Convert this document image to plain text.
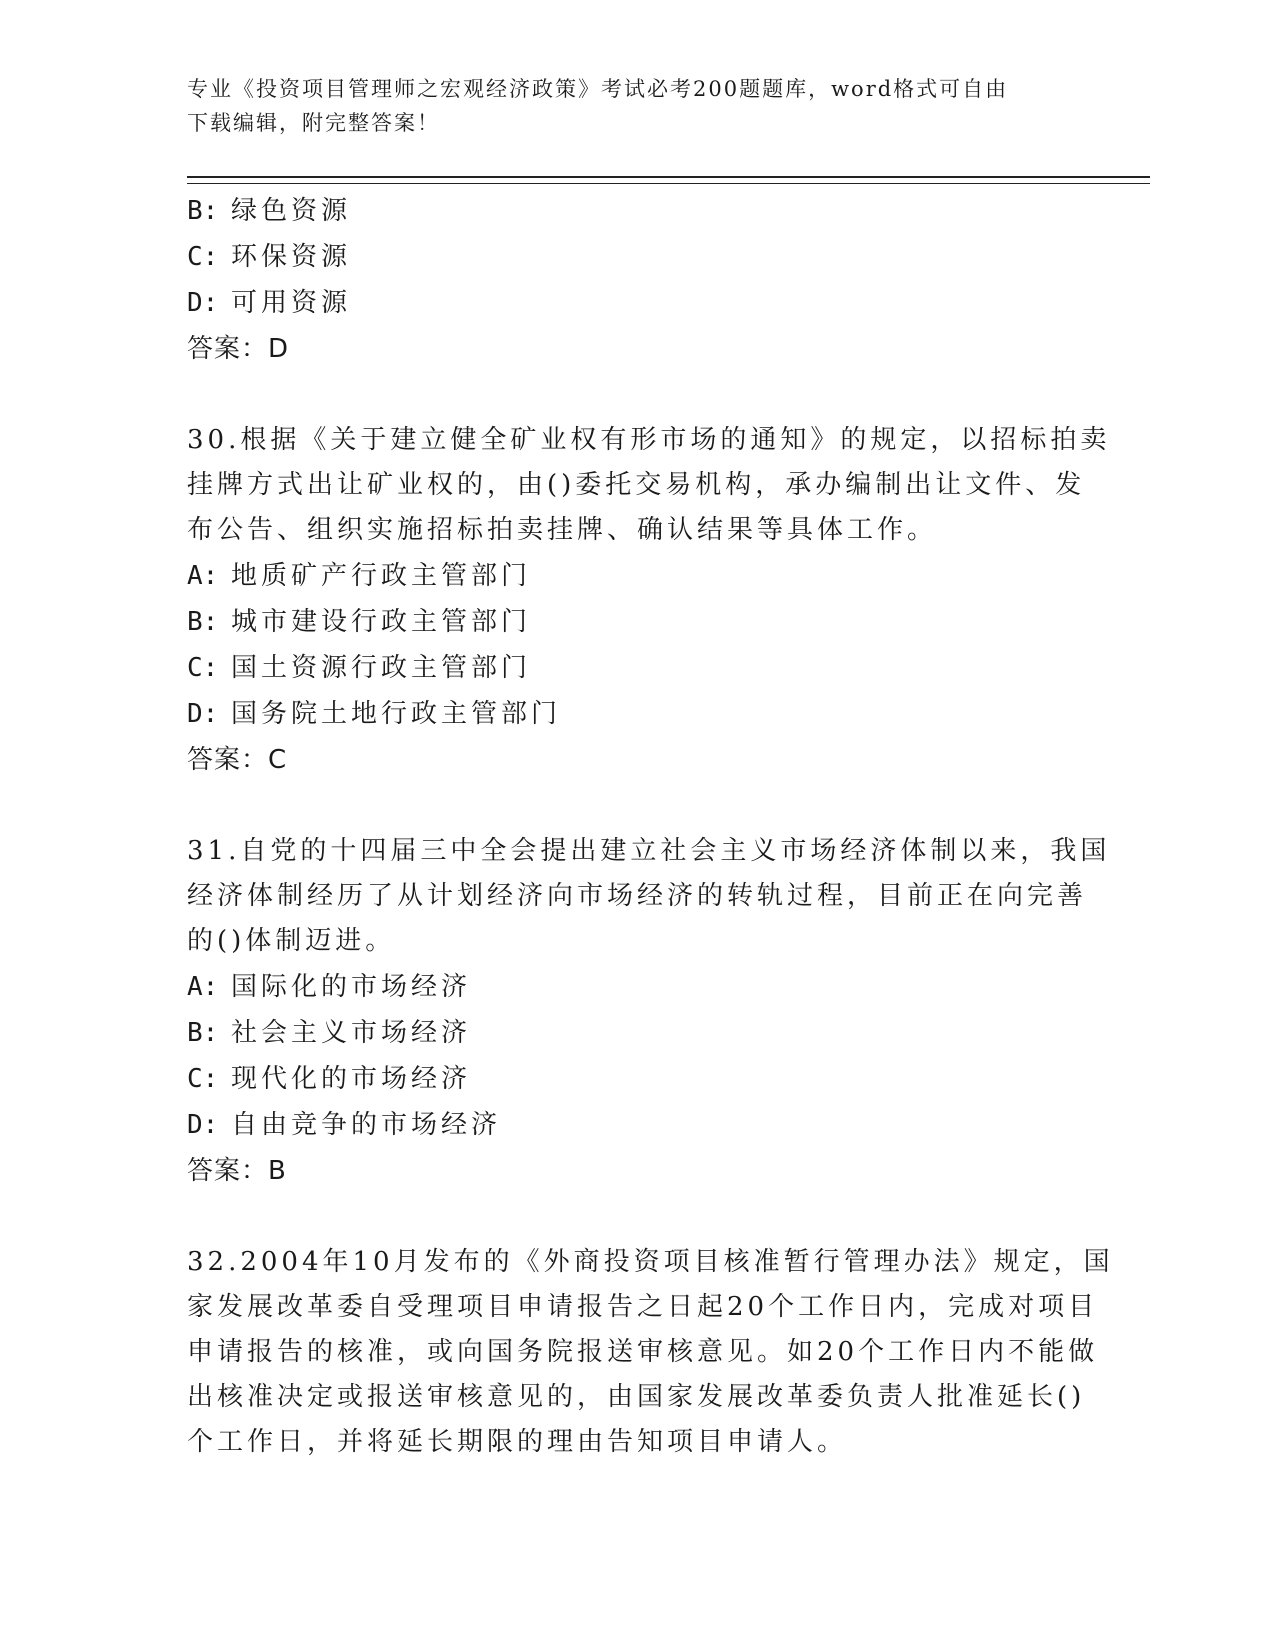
专业《投资项目管理师之宏观经济政策》考试必考200题题库，word格式可自由
下载编辑，附完整答案！
B: 绿色资源
C: 环保资源
D: 可用资源
答案：D
30.根据《关于建立健全矿业权有形市场的通知》的规定，以招标拍卖
挂牌方式出让矿业权的，由()委托交易机构，承办编制出让文件、发
布公告、组织实施招标拍卖挂牌、确认结果等具体工作。
A: 地质矿产行政主管部门
B: 城市建设行政主管部门
C: 国土资源行政主管部门
D: 国务院土地行政主管部门
答案：C
31.自党的十四届三中全会提出建立社会主义市场经济体制以来，我国
经济体制经历了从计划经济向市场经济的转轨过程，目前正在向完善
的()体制迈进。
A: 国际化的市场经济
B: 社会主义市场经济
C: 现代化的市场经济
D: 自由竞争的市场经济
答案：B
32.2004年10月发布的《外商投资项目核准暂行管理办法》规定，国
家发展改革委自受理项目申请报告之日起20个工作日内，完成对项目
申请报告的核准，或向国务院报送审核意见。如20个工作日内不能做
出核准决定或报送审核意见的，由国家发展改革委负责人批准延长()
个工作日，并将延长期限的理由告知项目申请人。
